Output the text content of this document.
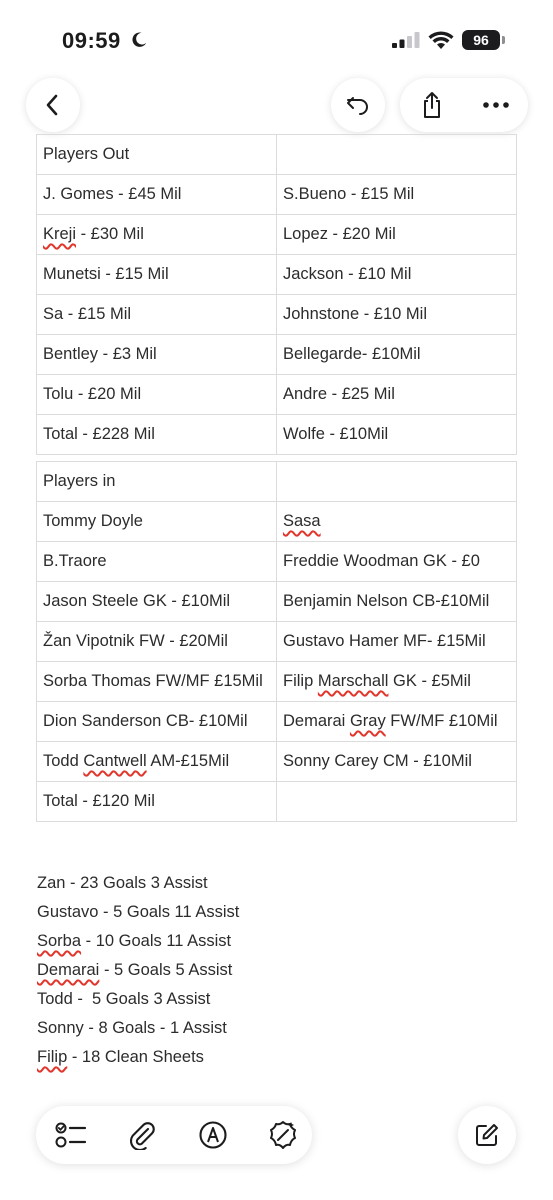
09:59	96
Players Out	
J. Gomes - £45 Mil	S.Bueno - £15 Mil
Kreji - £30 Mil	Lopez - £20 Mil
Munetsi - £15 Mil	Jackson - £10 Mil
Sa - £15 Mil	Johnstone - £10 Mil
Bentley - £3 Mil	Bellegarde- £10Mil
Tolu - £20 Mil	Andre - £25 Mil
Total - £228 Mil	Wolfe - £10Mil
Players in	
Tommy Doyle	Sasa
B.Traore	Freddie Woodman GK - £0
Jason Steele GK - £10Mil	Benjamin Nelson CB-£10Mil
Žan Vipotnik FW - £20Mil	Gustavo Hamer MF- £15Mil
Sorba Thomas FW/MF £15Mil	Filip Marschall GK - £5Mil
Dion Sanderson CB- £10Mil	Demarai Gray FW/MF £10Mil
Todd Cantwell AM-£15Mil	Sonny Carey CM - £10Mil
Total - £120 Mil	
Zan - 23 Goals 3 Assist
Gustavo - 5 Goals 11 Assist
Sorba - 10 Goals 11 Assist
Demarai - 5 Goals 5 Assist
Todd -  5 Goals 3 Assist
Sonny - 8 Goals - 1 Assist
Filip - 18 Clean Sheets
